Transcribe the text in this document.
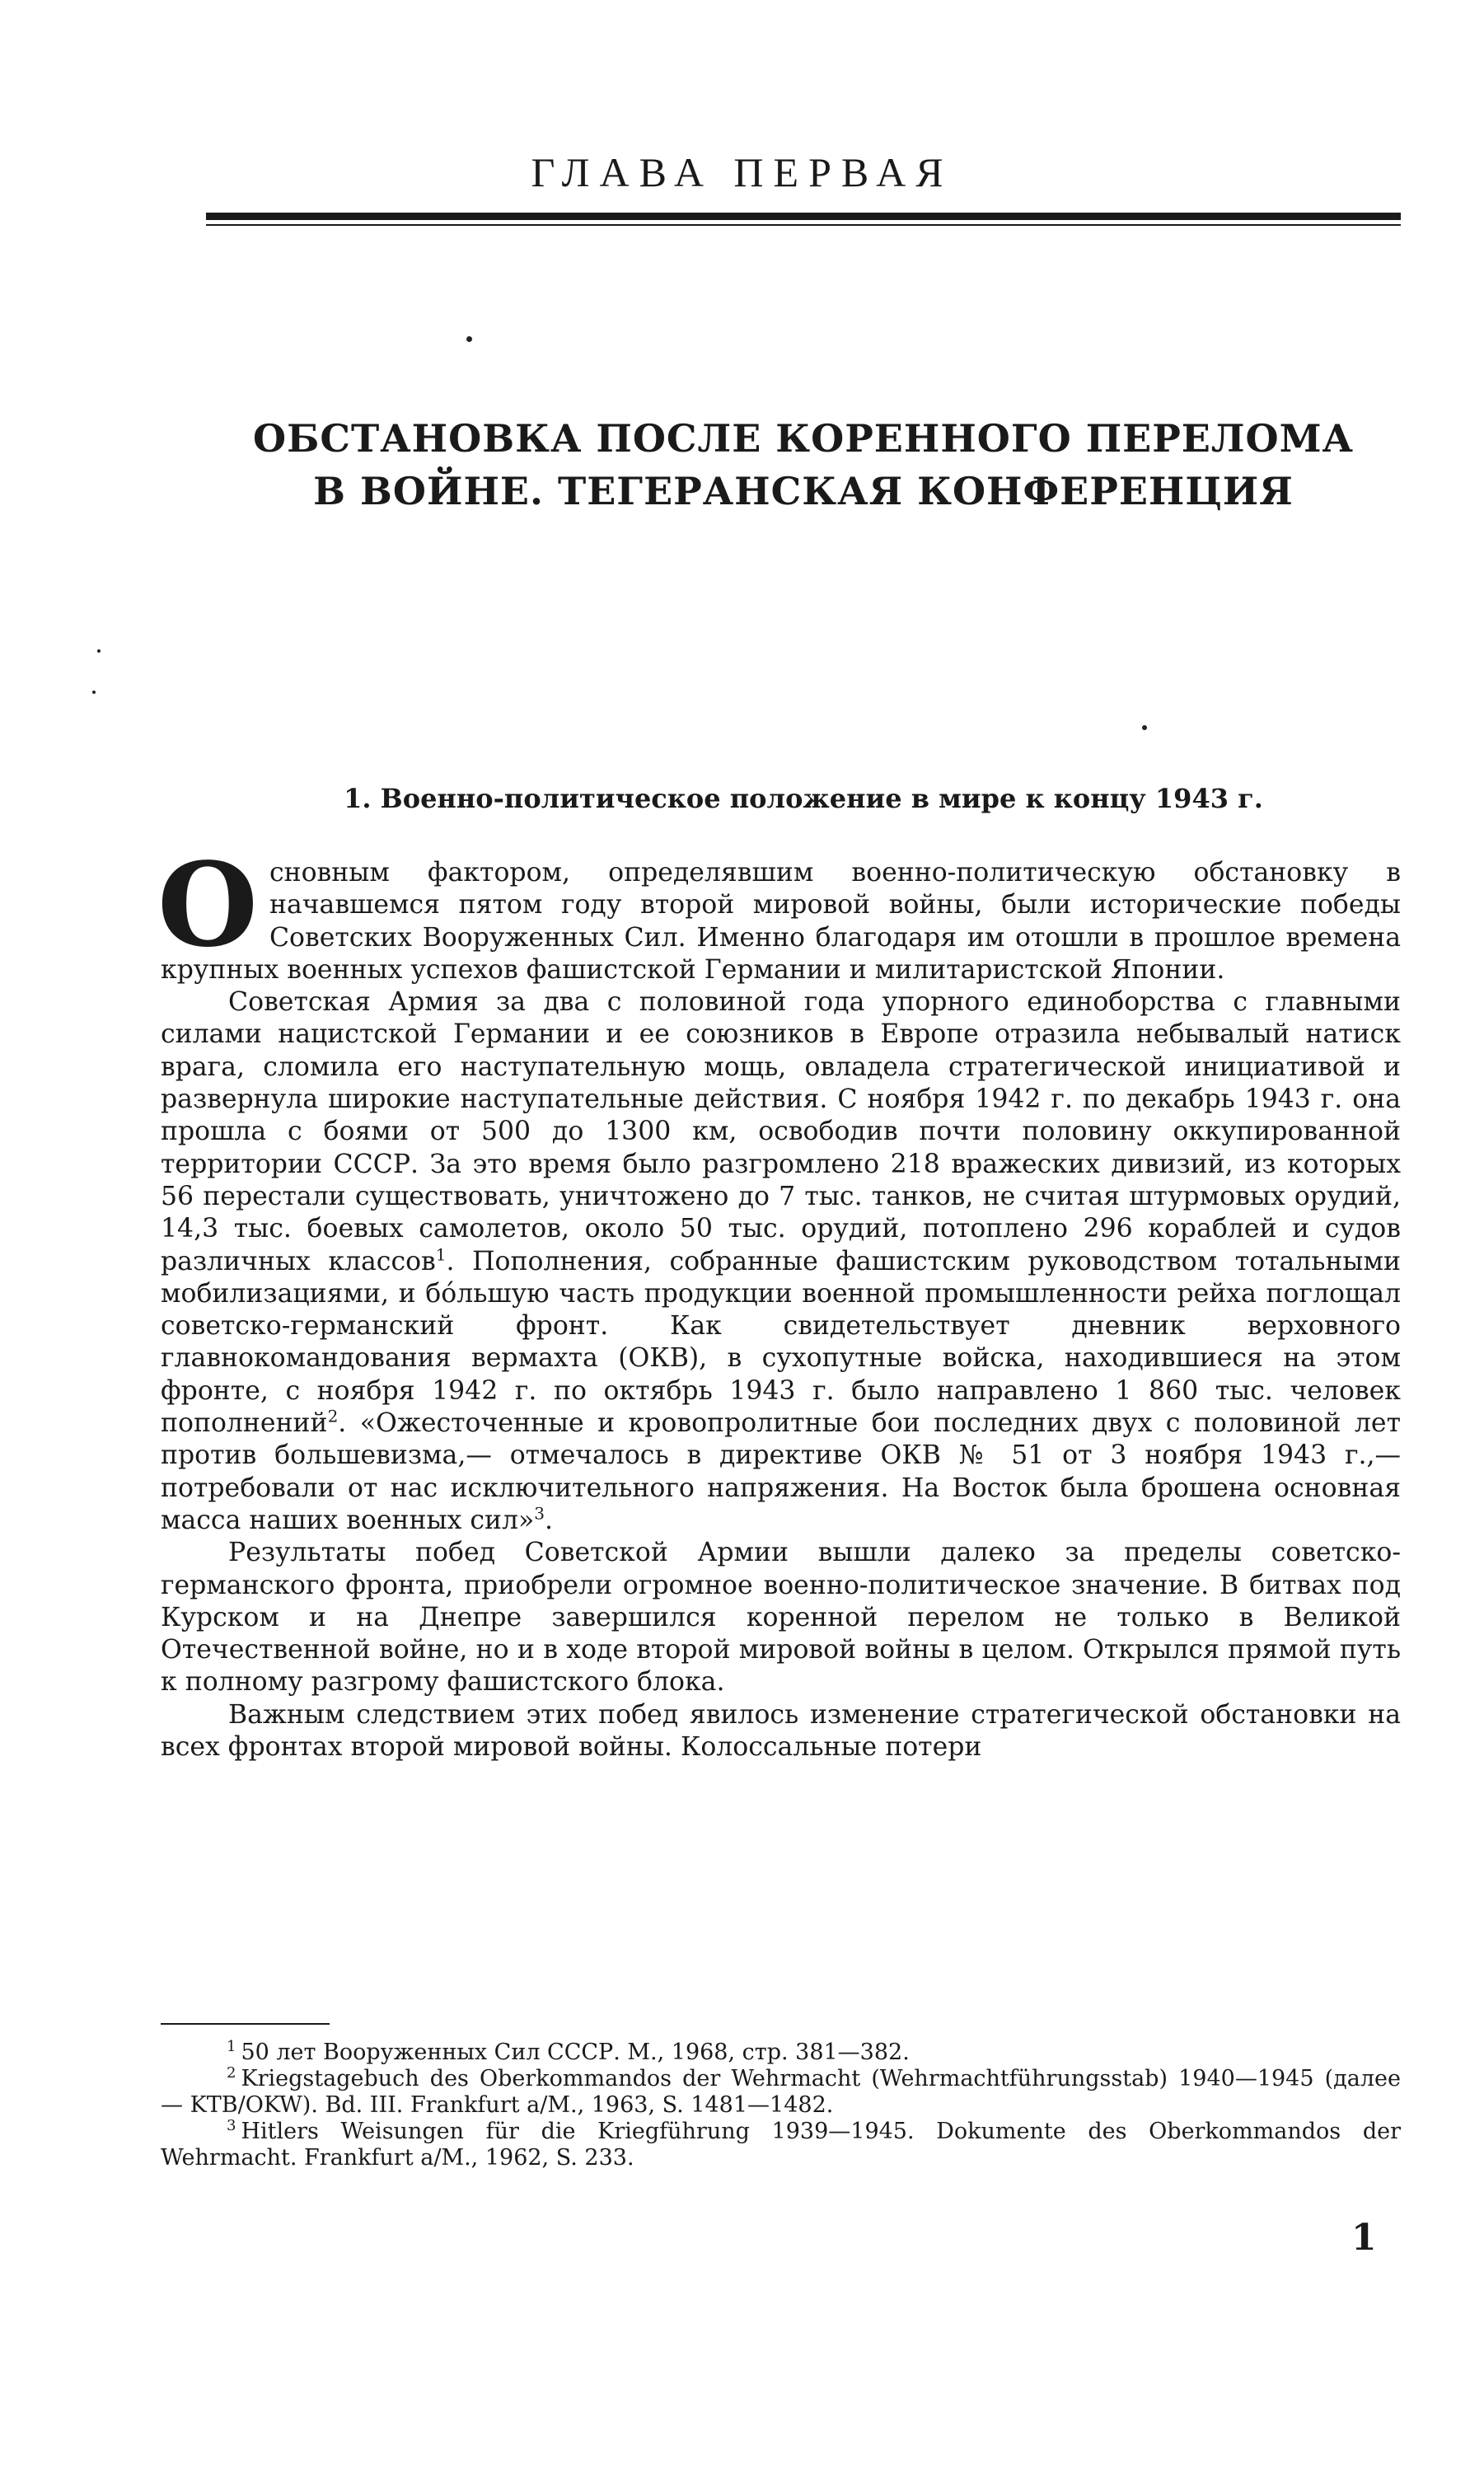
ГЛАВА ПЕРВАЯ
ОБСТАНОВКА ПОСЛЕ КОРЕННОГО ПЕРЕЛОМА
В ВОЙНЕ. ТЕГЕРАНСКАЯ КОНФЕРЕНЦИЯ
1. Военно-политическое положение в мире к концу 1943 г.

Основным фактором, определявшим военно-политическую обстановку в начавшемся пятом году второй мировой войны, были исторические победы Советских Вооруженных Сил. Именно благодаря им отошли в прошлое времена крупных военных успехов фашистской Германии и милитаристской Японии.

Советская Армия за два с половиной года упорного единоборства с главными силами нацистской Германии и ее союзников в Европе отразила небывалый натиск врага, сломила его наступательную мощь, овладела стратегической инициативой и развернула широкие наступательные действия. С ноября 1942 г. по декабрь 1943 г. она прошла с боями от 500 до 1300 км, освободив почти половину оккупированной территории СССР. За это время было разгромлено 218 вражеских дивизий, из которых 56 перестали существовать, уничтожено до 7 тыс. танков, не считая штурмовых орудий, 14,3 тыс. боевых самолетов, около 50 тыс. орудий, потоплено 296 кораблей и судов различных классов$^1$. Пополнения, собранные фашистским руководством тотальными мобилизациями, и бóльшую часть продукции военной промышленности рейха поглощал советско-германский фронт. Как свидетельствует дневник верховного главнокомандования вермахта (ОКВ), в сухопутные войска, находившиеся на этом фронте, с ноября 1942 г. по октябрь 1943 г. было направлено 1 860 тыс. человек пополнений$^2$. «Ожесточенные и кровопролитные бои последних двух с половиной лет против большевизма,— отмечалось в директиве ОКВ № 51 от 3 ноября 1943 г.,— потребовали от нас исключительного напряжения. На Восток была брошена основная масса наших военных сил»$^3$.

Результаты побед Советской Армии вышли далеко за пределы советско-германского фронта, приобрели огромное военно-политическое значение. В битвах под Курском и на Днепре завершился коренной перелом не только в Великой Отечественной войне, но и в ходе второй мировой войны в целом. Открылся прямой путь к полному разгрому фашистского блока.

Важным следствием этих побед явилось изменение стратегической обстановки на всех фронтах второй мировой войны. Колоссальные потери

$^1$ 50 лет Вооруженных Сил СССР. М., 1968, стр. 381—382.

$^2$ Kriegstagebuch des Oberkommandos der Wehrmacht (Wehrmachtführungsstab) 1940—1945 (далее — KTB/OKW). Bd. III. Frankfurt a/M., 1963, S. 1481—1482.

$^3$ Hitlers Weisungen für die Kriegführung 1939—1945. Dokumente des Oberkommandos der Wehrmacht. Frankfurt a/M., 1962, S. 233.

1
